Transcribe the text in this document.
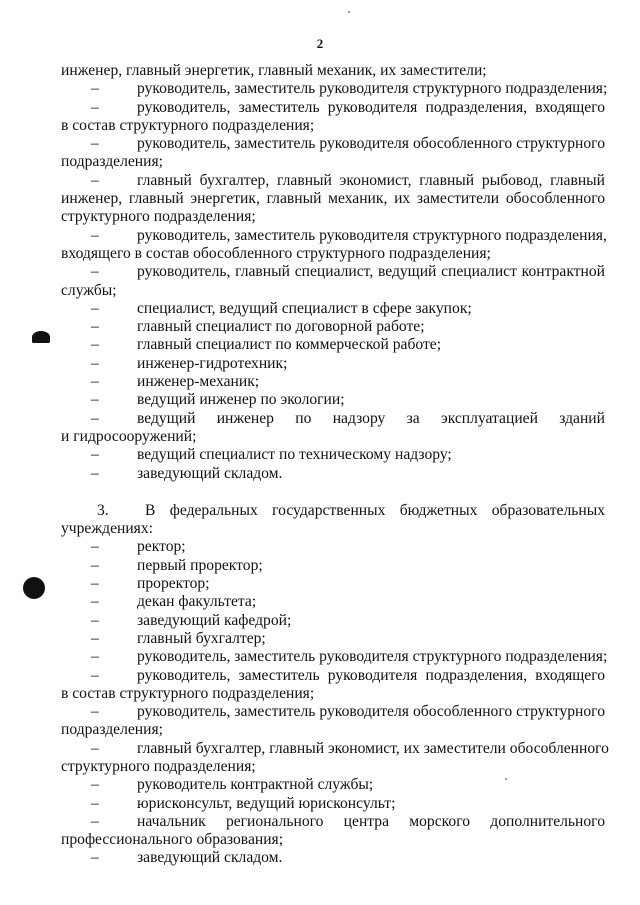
2
инженер, главный энергетик, главный механик, их заместители;
– руководитель, заместитель руководителя структурного подразделения;
– руководитель, заместитель руководителя подразделения, входящего
в состав структурного подразделения;
– руководитель, заместитель руководителя обособленного структурного
подразделения;
– главный бухгалтер, главный экономист, главный рыбовод, главный
инженер, главный энергетик, главный механик, их заместители обособленного
структурного подразделения;
– руководитель, заместитель руководителя структурного подразделения,
входящего в состав обособленного структурного подразделения;
– руководитель, главный специалист, ведущий специалист контрактной
службы;
– специалист, ведущий специалист в сфере закупок;
– главный специалист по договорной работе;
– главный специалист по коммерческой работе;
– инженер-гидротехник;
– инженер-механик;
– ведущий инженер по экологии;
– ведущий инженер по надзору за эксплуатацией зданий
и гидросооружений;
– ведущий специалист по техническому надзору;
– заведующий складом.
3. В федеральных государственных бюджетных образовательных
учреждениях:
– ректор;
– первый проректор;
– проректор;
– декан факультета;
– заведующий кафедрой;
– главный бухгалтер;
– руководитель, заместитель руководителя структурного подразделения;
– руководитель, заместитель руководителя подразделения, входящего
в состав структурного подразделения;
– руководитель, заместитель руководителя обособленного структурного
подразделения;
– главный бухгалтер, главный экономист, их заместители обособленного
структурного подразделения;
– руководитель контрактной службы;
– юрисконсульт, ведущий юрисконсульт;
– начальник регионального центра морского дополнительного
профессионального образования;
– заведующий складом.
